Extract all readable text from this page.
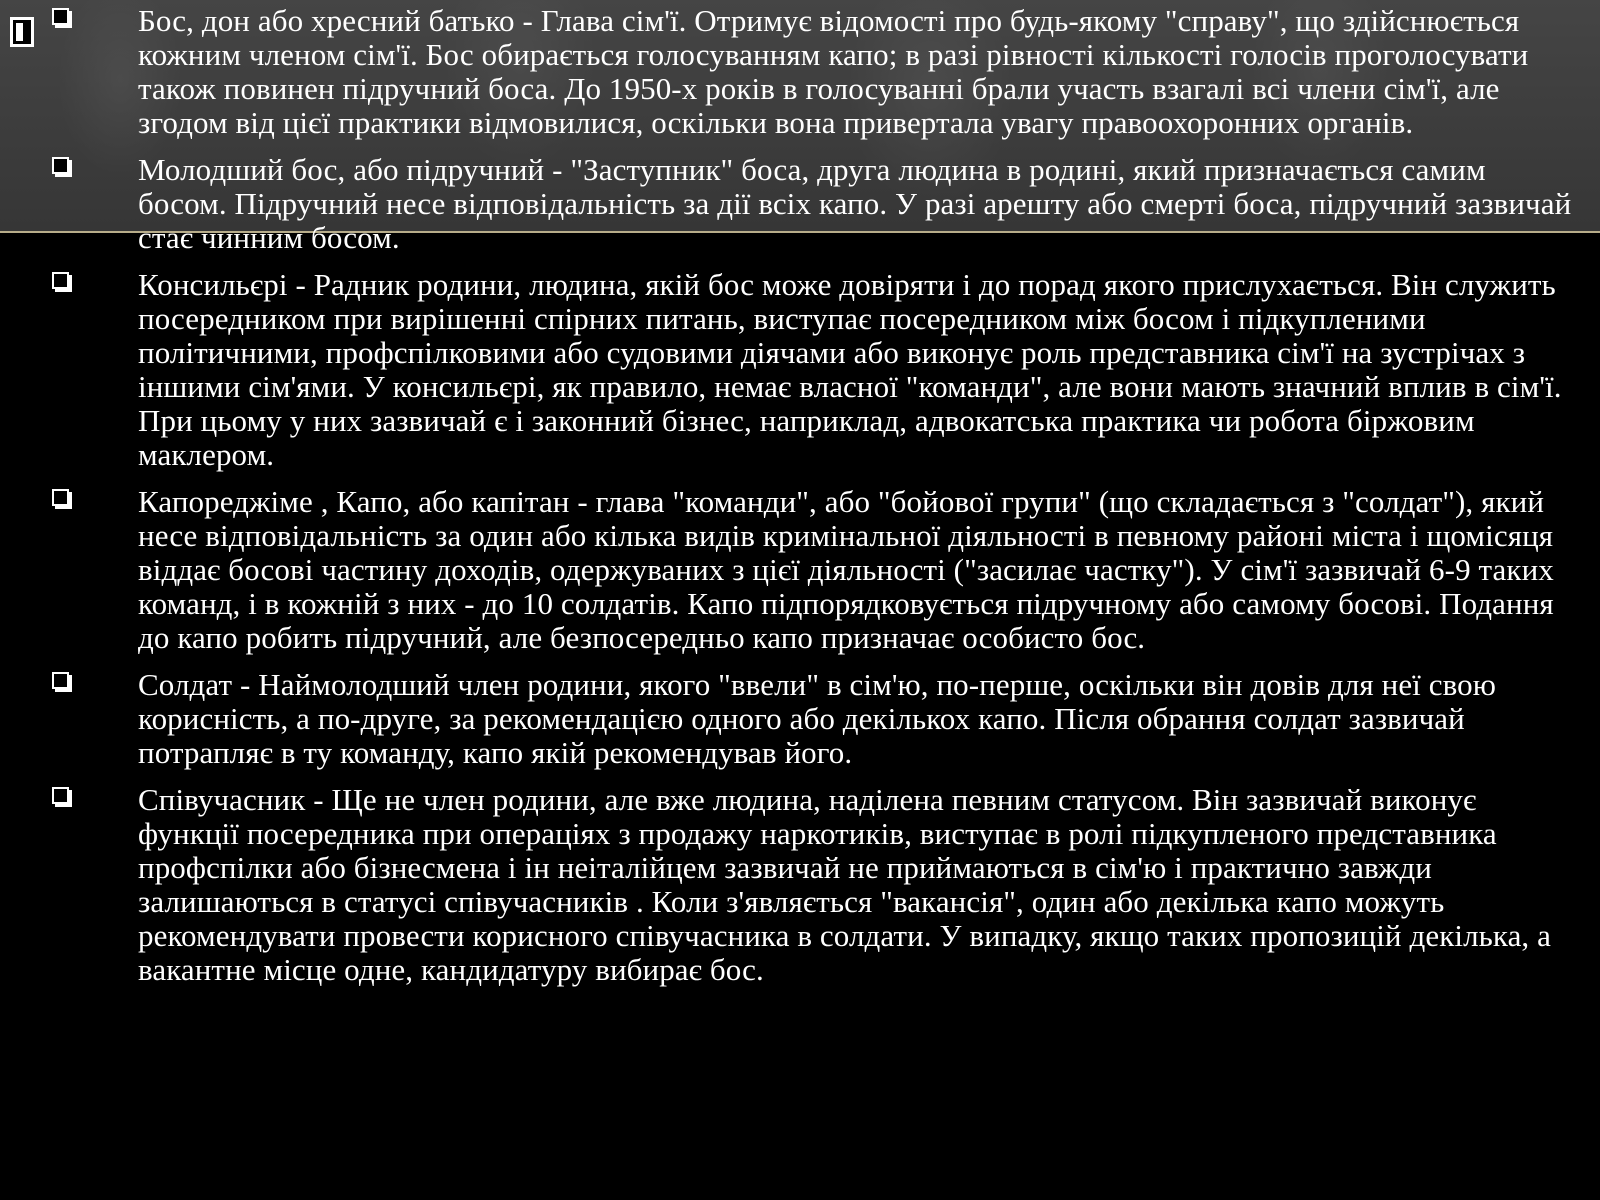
Бос, дон або хресний батько - Глава сім'ї. Отримує відомості про будь-якому "справу", що здійснюється кожним членом сім'ї. Бос обирається голосуванням капо; в разі рівності кількості голосів проголосувати також повинен підручний боса. До 1950-х років в голосуванні брали участь взагалі всі члени сім'ї, але згодом від цієї практики відмовилися, оскільки вона привертала увагу правоохоронних органів.
Молодший бос, або підручний - "Заступник" боса, друга людина в родині, який призначається самим босом. Підручний несе відповідальність за дії всіх капо. У разі арешту або смерті боса, підручний зазвичай стає чинним босом.
Консильєрі - Радник родини, людина, якій бос може довіряти і до порад якого прислухається. Він служить посередником при вирішенні спірних питань, виступає посередником між босом і підкупленими політичними, профспілковими або судовими діячами або виконує роль представника сім'ї на зустрічах з іншими сім'ями. У консильєрі, як правило, немає власної "команди", але вони мають значний вплив в сім'ї. При цьому у них зазвичай є і законний бізнес, наприклад, адвокатська практика чи робота біржовим маклером.
Капореджіме , Капо, або капітан - глава "команди", або "бойової групи" (що складається з "солдат"), який несе відповідальність за один або кілька видів кримінальної діяльності в певному районі міста і щомісяця віддає босові частину доходів, одержуваних з цієї діяльності ("засилає частку"). У сім'ї зазвичай 6-9 таких команд, і в кожній з них - до 10 солдатів. Капо підпорядковується підручному або самому босові. Подання до капо робить підручний, але безпосередньо капо призначає особисто бос.
Солдат - Наймолодший член родини, якого "ввели" в сім'ю, по-перше, оскільки він довів для неї свою корисність, а по-друге, за рекомендацією одного або декількох капо. Після обрання солдат зазвичай потрапляє в ту команду, капо якій рекомендував його.
Співучасник - Ще не член родини, але вже людина, наділена певним статусом. Він зазвичай виконує функції посередника при операціях з продажу наркотиків, виступає в ролі підкупленого представника профспілки або бізнесмена і ін неіталійцем зазвичай не приймаються в сім'ю і практично завжди залишаються в статусі співучасників . Коли з'являється "вакансія", один або декілька капо можуть рекомендувати провести корисного співучасника в солдати. У випадку, якщо таких пропозицій декілька, а вакантне місце одне, кандидатуру вибирає бос.
